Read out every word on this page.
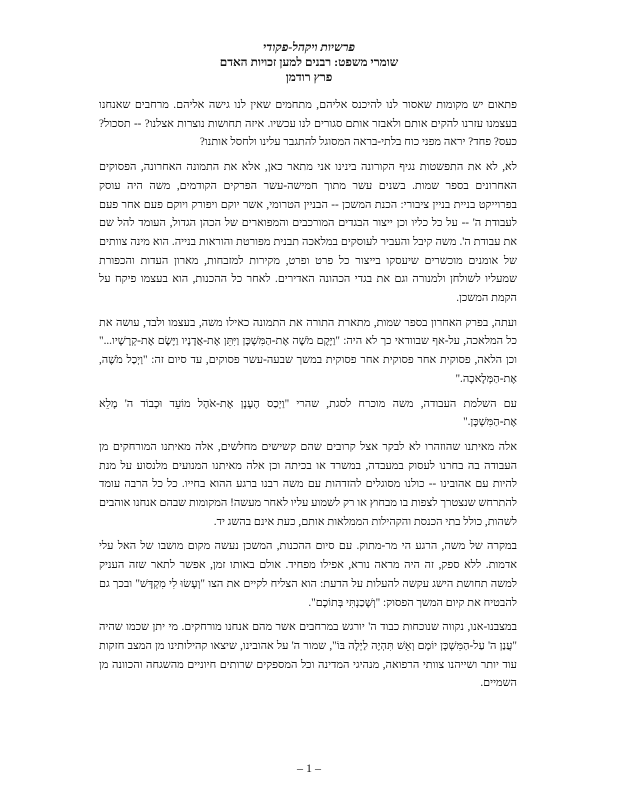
פרשיות ויקהל-פקודי
שומרי משפט: רבנים למען זכויות האדם
פרץ רודמן

פתאום יש מקומות שאסור לנו להיכנס אליהם, מתחמים שאין לנו גישה אליהם. מרחבים שאנחנו בעצמנו עזרנו להקים אותם ולאבזר אותם סגורים לנו עכשיו. איזה תחושות נוצרות אצלנו? -- תסכול? כעס? פחד? יראה מפני כוח בלתי-בראה המסוגל להתגבר עלינו ולחסל אותנו?

לא, לא את התפשטות נגיף הקורונה בינינו אני מתאר כאן, אלא את התמונה האחרונה, הפסוקים האחרונים בספר שמות. בשנים עשר מתוך חמישה-עשר הפרקים הקודמים, משה היה עוסק בפרוייקט בניית בניין ציבורי: הכנת המשכן -- הבניין הטרומי, אשר יוקם ויפורק ויוקם פעם אחר פעם לעבודת ה' -- על כל כליו וכן ייצור הבגדים המורכבים והמפוארים של הכהן הגדול, העומד להל שם את עבודת ה'. משה קיבל והעביר לעוסקים במלאכה תבנית מפורטת והוראות בנייה. הוא מינה צוותים של אומנים מוכשרים שיעסקו בייצור כל פרט ופרט, מקירות למזבחות, מארון העדות והכפורת שמעליו לשולחן ולמנורה וגם את בגדי הכהונה האדירים. לאחר כל ההכנות, הוא בעצמו פיקח על הקמת המשכן.

ועתה, בפרק האחרון בספר שמות, מתארת התורה את התמונה כאילו משה, בעצמו ולבד, עושה את כל המלאכה, על-אף שבוודאי כך לא היה: "וַיָּקֶם מֹשֶׁה אֶת-הַמִּשְׁכָּן וַיִּתֵּן אֶת-אֲדָנָיו וַיָּשֶׂם אֶת-קְרָשָׁיו..." וכן הלאה, פסוקית אחר פסוקית אחר פסוקית במשך שבעה-עשר פסוקים, עד סיום זה: "וַיְכַל מֹשֶׁה, אֶת-הַמְּלָאכָה."

עם השלמת העבודה, משה מוכרח לסגת, שהרי "וַיְכַס הֶעָנָן אֶת-אֹהֶל מוֹעֵד וּכְבוֹד ה' מָלֵא אֶת-הַמִּשְׁכָּן."

אלה מאיתנו שהוזהרו לא לבקר אצל קרובים שהם קשישים מחלשים, אלה מאיתנו המורחקים מן העבודה בה בחרנו לעסוק במעבדה, במשרד או בכיתה וכן אלה מאיתנו המנועים מלנסוע על מנת להיות עם אהובינו -- כולנו מסוגלים להזדהות עם משה רבנו ברגע ההוא בחייו. כל כל הרבה עומד להתרחש שנצטרך לצפות בו מבחוץ או רק לשמוע עליו לאחר מעשה! המקומות שבהם אנחנו אוהבים לשהות, כולל בתי הכנסת והקהילות הממלאות אותם, כעת אינם בהשג יד.

במקרה של משה, הרגע הי מר-מתוק. עם סיום ההכנות, המשכן נעשה מקום מושבו של האל עלי אדמות. ללא ספק, זה היה מראה נורא, אפילו מפחיד. אולם באותו זמן, אפשר לתאר שזה העניק למשה תחושת הישג עקשה להעלות על הדעת: הוא הצליח לקיים את הצו "וְעָשׂוּ לִי מִקְדָּשׁ" ובכך גם להבטיח את קיום המשך הפסוק: "וְשָׁכַנְתִּי בְּתוֹכָם".

במצבנו-אנו, נקווה שנוכחות כבוד ה' יורגש במרחבים אשר מהם אנחנו מורחקים. מי יתן שכמו שהיה "עֲנַן ה' עַל-הַמִּשְׁכָּן יוֹמָם וְאֵשׁ תִּהְיֶה לַיְלָה בּוֹ", שמור ה' על אהובינו, שיצאו קהילותינו מן המצב חזקות עוד יותר ושייהנו צוותי הרפואה, מנהיגי המדינה וכל המספקים שרותים חיוניים מהשגחה והכוונה מן השמיים.

– 1 –
